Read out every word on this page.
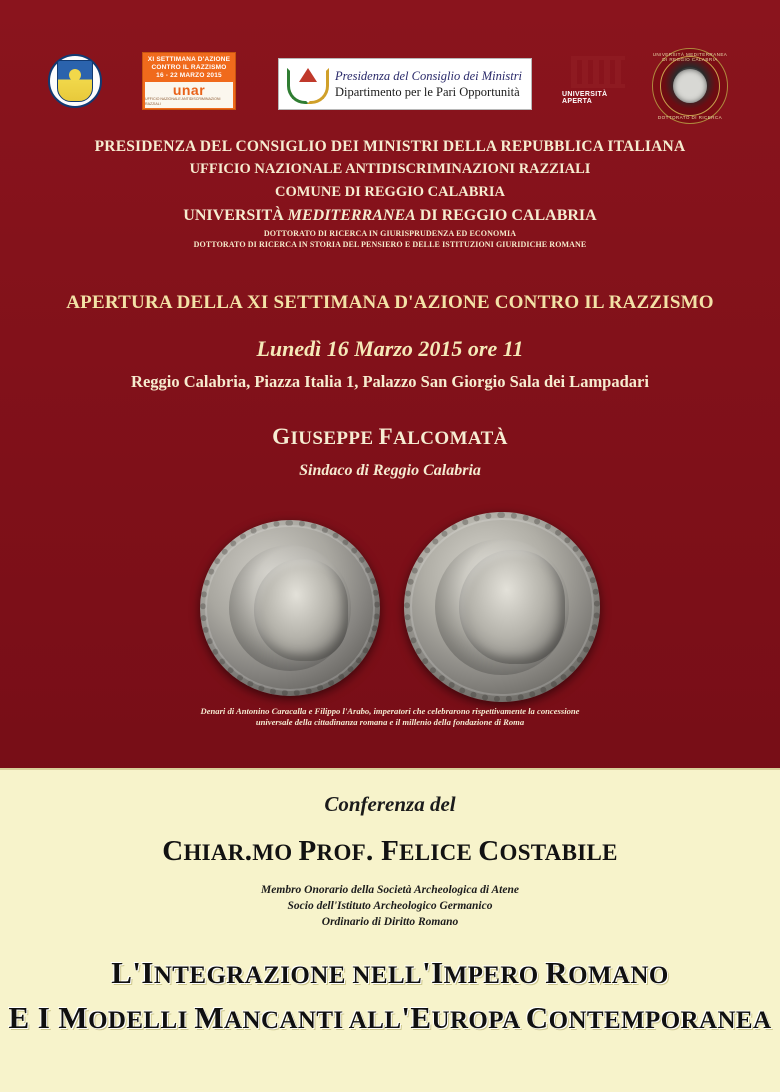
XI SETTIMANA D'AZIONE
CONTRO IL RAZZISMO
16 - 22 MARZO 2015
unar
UFFICIO NAZIONALE ANTIDISCRIMINAZIONI RAZZIALI
Presidenza del Consiglio dei Ministri
Dipartimento per le Pari Opportunità	UNIVERSITÀ APERTA
UNIVERSITÀ MEDITERRANEA DI REGGIO CALABRIA
DOTTORATO DI RICERCA
PRESIDENZA DEL CONSIGLIO DEI MINISTRI DELLA REPUBBLICA ITALIANA
UFFICIO NAZIONALE ANTIDISCRIMINAZIONI RAZZIALI
COMUNE DI REGGIO CALABRIA
UNIVERSITÀ MEDITERRANEA DI REGGIO CALABRIA
DOTTORATO DI RICERCA IN GIURISPRUDENZA ED ECONOMIA
DOTTORATO DI RICERCA IN STORIA DEL PENSIERO E DELLE ISTITUZIONI GIURIDICHE ROMANE
APERTURA DELLA XI SETTIMANA D'AZIONE CONTRO IL RAZZISMO
Lunedì 16 Marzo 2015 ore 11
Reggio Calabria, Piazza Italia 1, Palazzo San Giorgio Sala dei Lampadari
GIUSEPPE FALCOMATÀ
Sindaco di Reggio Calabria
Denari di Antonino Caracalla e Filippo l'Arabo, imperatori che celebrarono rispettivamente la concessione
universale della cittadinanza romana e il millenio della fondazione di Roma
Conferenza del
CHIAR.MO PROF. FELICE COSTABILE
Membro Onorario della Società Archeologica di Atene
Socio dell'Istituto Archeologico Germanico
Ordinario di Diritto Romano
L'INTEGRAZIONE NELL'IMPERO ROMANO
E I MODELLI MANCANTI ALL'EUROPA CONTEMPORANEA
